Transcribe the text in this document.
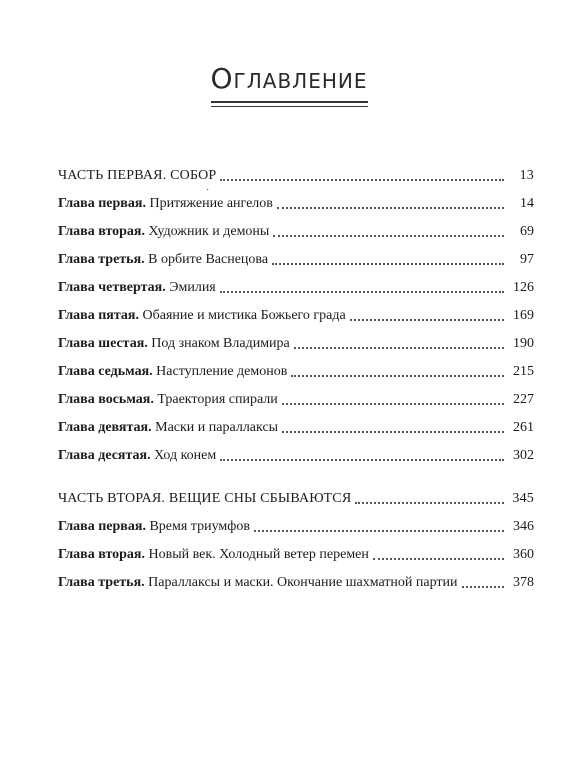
Оглавление
·
ЧАСТЬ ПЕРВАЯ. СОБОР	13
Глава первая. Притяжение ангелов	14
Глава вторая. Художник и демоны	69
Глава третья. В орбите Васнецова	97
Глава четвертая. Эмилия	126
Глава пятая. Обаяние и мистика Божьего града	169
Глава шестая. Под знаком Владимира	190
Глава седьмая. Наступление демонов	215
Глава восьмая. Траектория спирали	227
Глава девятая. Маски и параллаксы	261
Глава десятая. Ход конем	302
ЧАСТЬ ВТОРАЯ. ВЕЩИЕ СНЫ СБЫВАЮТСЯ	345
Глава первая. Время триумфов	346
Глава вторая. Новый век. Холодный ветер перемен	360
Глава третья. Параллаксы и маски. Окончание шахматной партии	378
